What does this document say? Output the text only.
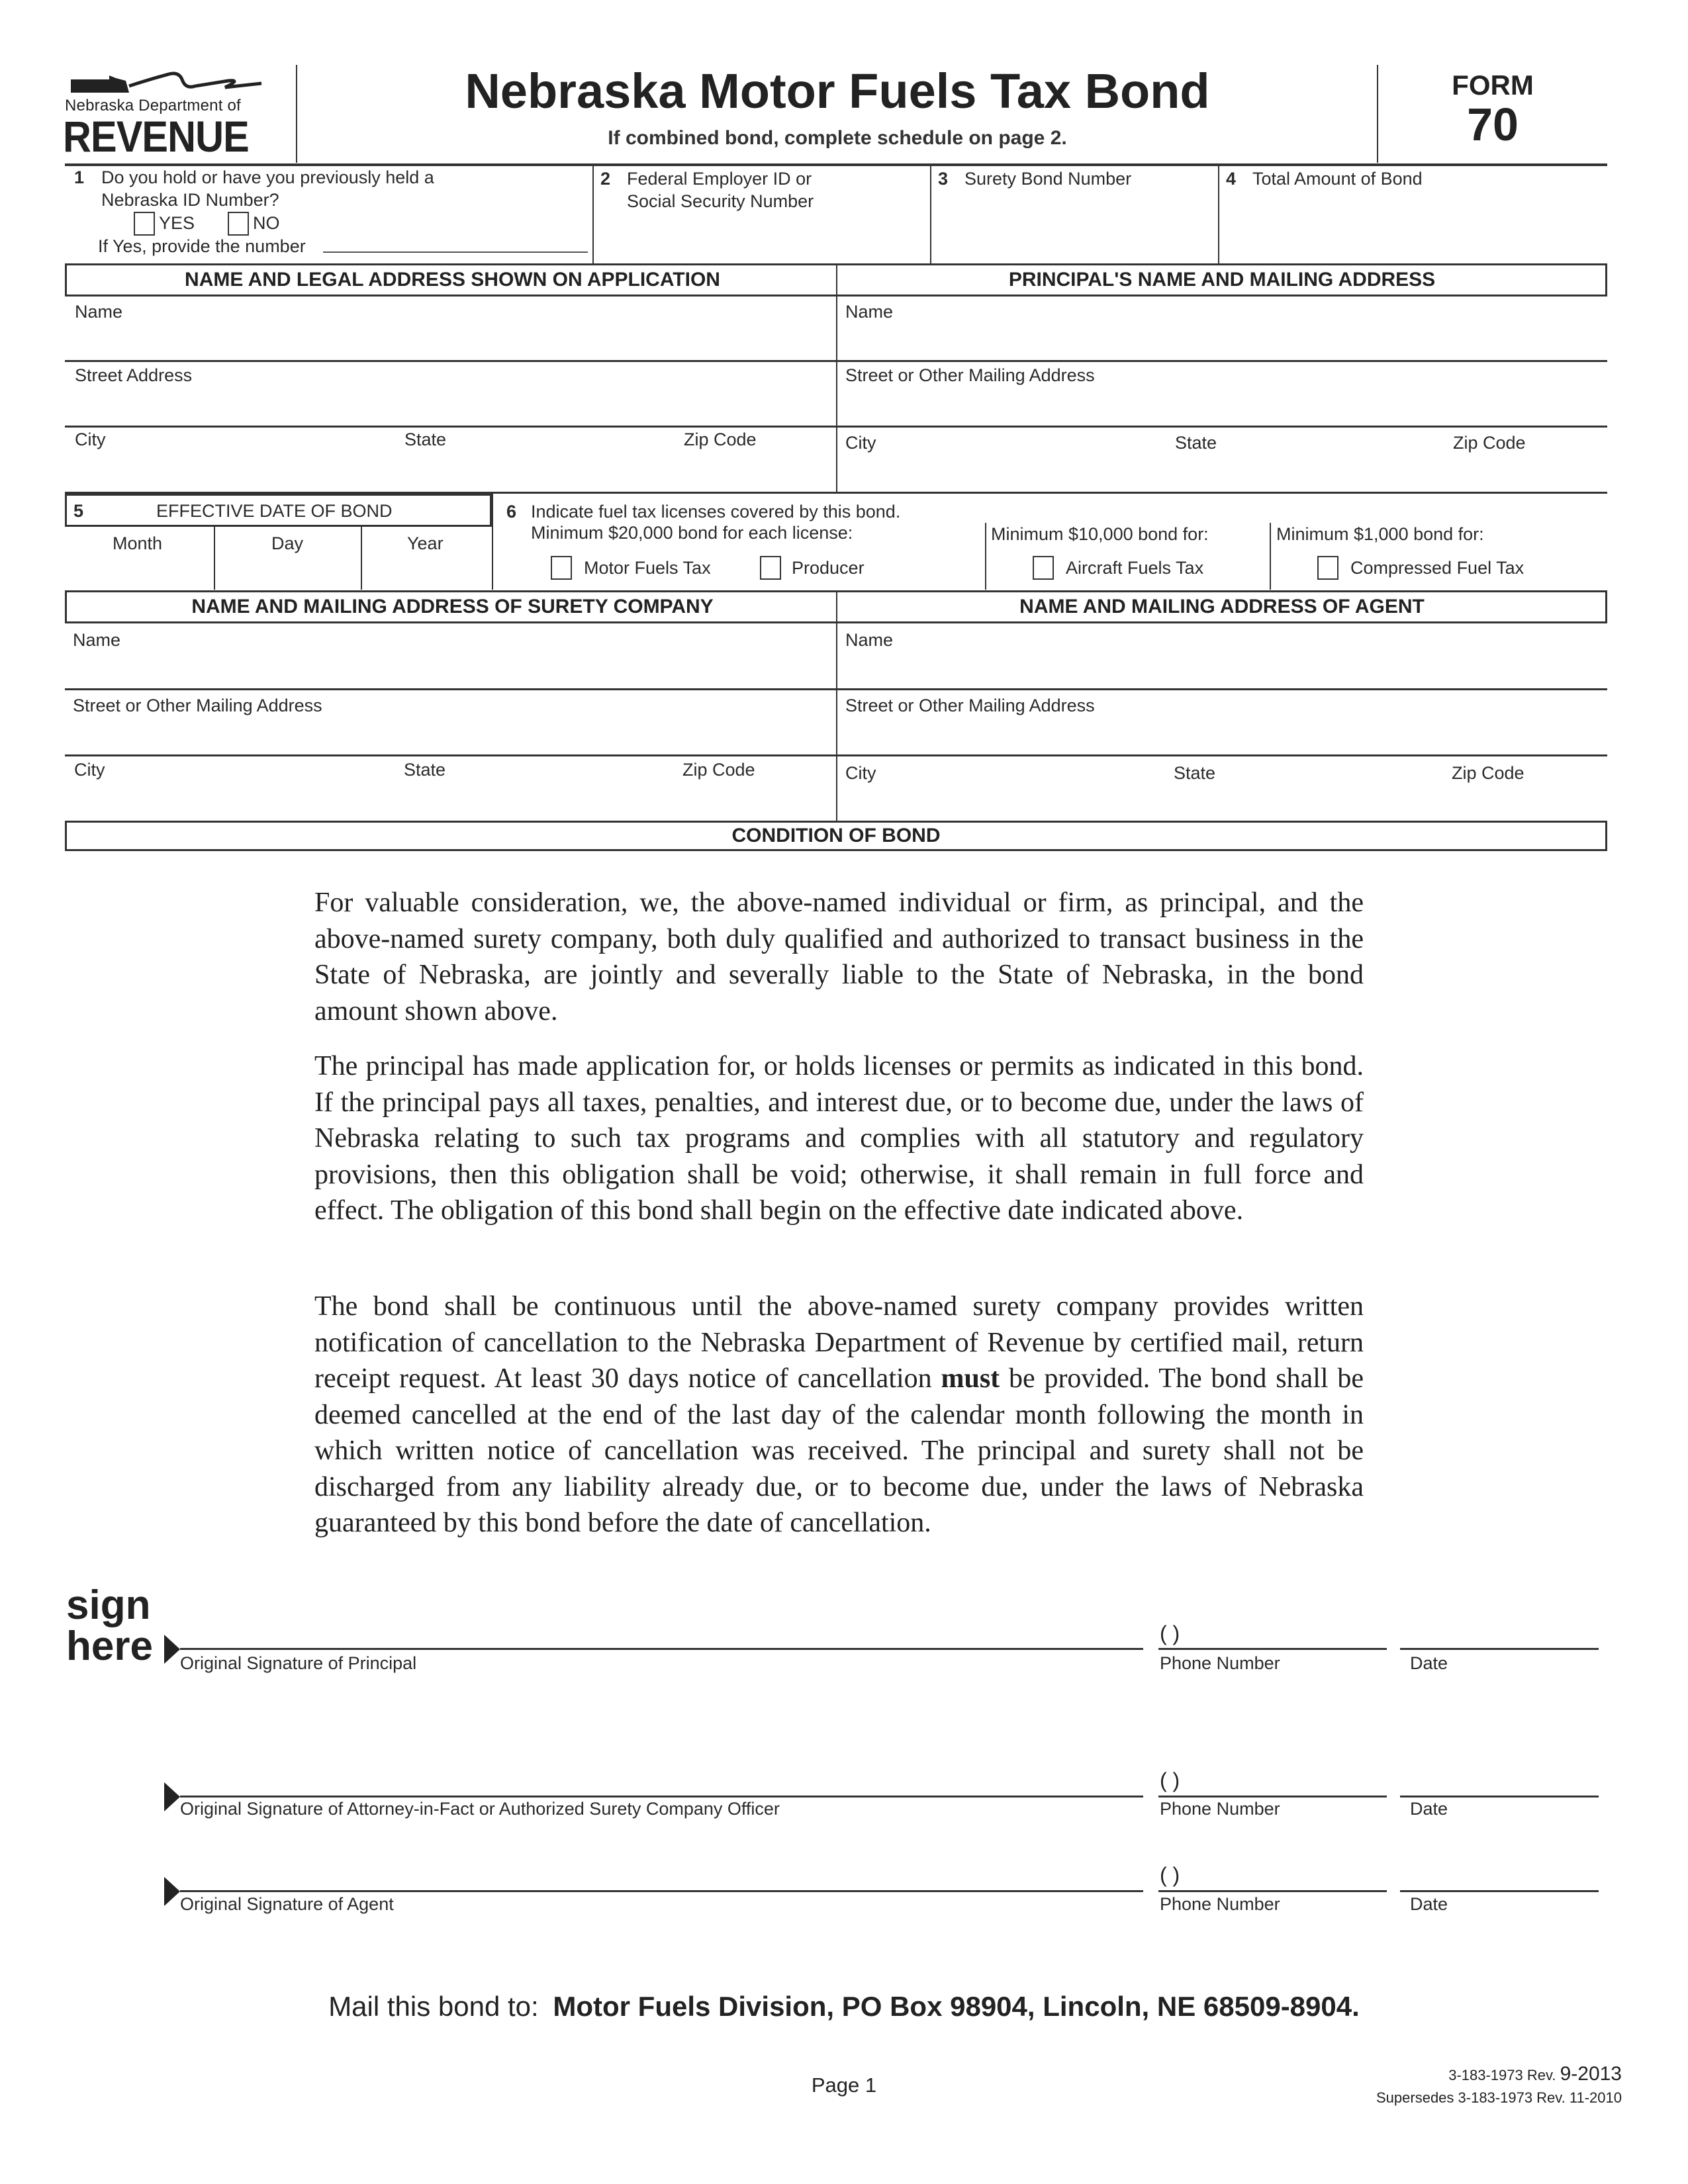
Nebraska Department of
REVENUE
Nebraska Motor Fuels Tax Bond
If combined bond, complete schedule on page 2.
FORM
70
1 Do you hold or have you previously held a
Nebraska ID Number?
YES	NO
If Yes, provide the number
2 Federal Employer ID or
Social Security Number
3 Surety Bond Number	4 Total Amount of Bond
NAME AND LEGAL ADDRESS SHOWN ON APPLICATION	PRINCIPAL'S NAME AND MAILING ADDRESS
Name
Street Address
City	State	Zip Code
Name
Street or Other Mailing Address
City	State	Zip Code
5	EFFECTIVE DATE OF BOND
Month	Day	Year
6 Indicate fuel tax licenses covered by this bond.
Minimum $20,000 bond for each license:
Motor Fuels Tax	Producer
Minimum $10,000 bond for:
Aircraft Fuels Tax
Minimum $1,000 bond for:
Compressed Fuel Tax
NAME AND MAILING ADDRESS OF SURETY COMPANY	NAME AND MAILING ADDRESS OF AGENT
Name
Street or Other Mailing Address
City	State	Zip Code
Name
Street or Other Mailing Address
City	State	Zip Code
CONDITION OF BOND

For valuable consideration, we, the above-named individual or firm, as principal, and the above-named surety company, both duly qualified and authorized to transact business in the State of Nebraska, are jointly and severally liable to the State of Nebraska, in the bond amount shown above.

The principal has made application for, or holds licenses or permits as indicated in this bond. If the principal pays all taxes, penalties, and interest due, or to become due, under the laws of Nebraska relating to such tax programs and complies with all statutory and regulatory provisions, then this obligation shall be void; otherwise, it shall remain in full force and effect. The obligation of this bond shall begin on the effective date indicated above.

The bond shall be continuous until the above-named surety company provides written notification of cancellation to the Nebraska Department of Revenue by certified mail, return receipt request. At least 30 days notice of cancellation must be provided. The bond shall be deemed cancelled at the end of the last day of the calendar month following the month in which written notice of cancellation was received. The principal and surety shall not be discharged from any liability already due, or to become due, under the laws of Nebraska guaranteed by this bond before the date of cancellation.

sign
here Original Signature of Principal
( )
Phone Number	Date
Original Signature of Attorney-in-Fact or Authorized Surety Company Officer
( )
Phone Number	Date
Original Signature of Agent
( )
Phone Number	Date
Mail this bond to: Motor Fuels Division, PO Box 98904, Lincoln, NE 68509-8904.
Page 1	3-183-1973 Rev. 9-2013
Supersedes 3-183-1973 Rev. 11-2010
